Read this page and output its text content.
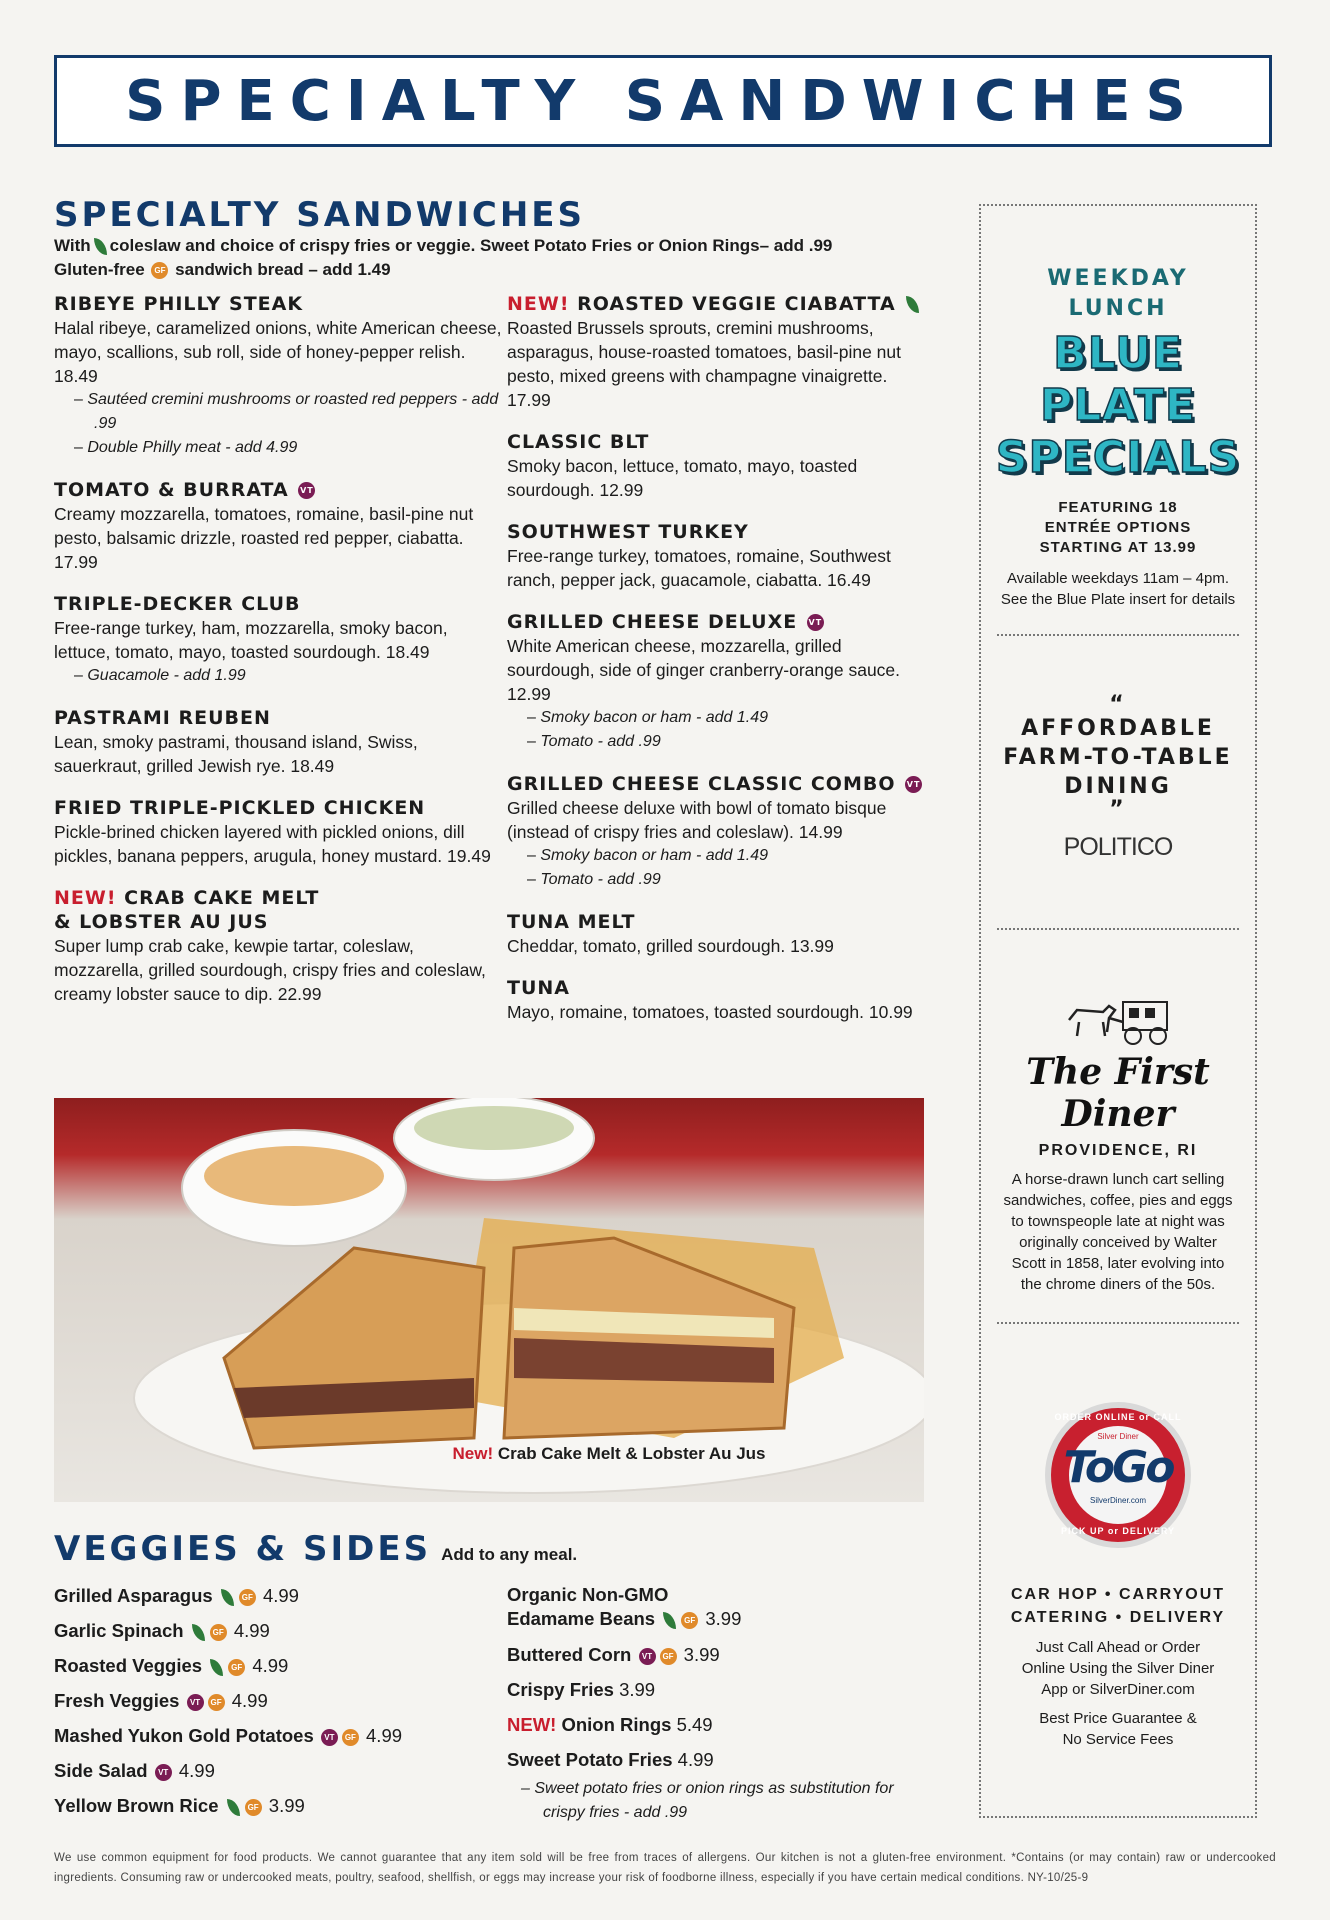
SPECIALTY SANDWICHES
SPECIALTY SANDWICHES
With coleslaw and choice of crispy fries or veggie. Sweet Potato Fries or Onion Rings– add .99
Gluten-free GF sandwich bread – add 1.49
RIBEYE PHILLY STEAK

Halal ribeye, caramelized onions, white American cheese, mayo, scallions, sub roll, side of honey-pepper relish. 18.49

– Sautéed cremini mushrooms or roasted red peppers - add .99
– Double Philly meat - add 4.99
TOMATO & BURRATA VT

Creamy mozzarella, tomatoes, romaine, basil-pine nut pesto, balsamic drizzle, roasted red pepper, ciabatta. 17.99

TRIPLE-DECKER CLUB

Free-range turkey, ham, mozzarella, smoky bacon, lettuce, tomato, mayo, toasted sourdough. 18.49

– Guacamole - add 1.99
PASTRAMI REUBEN

Lean, smoky pastrami, thousand island, Swiss, sauerkraut, grilled Jewish rye. 18.49

FRIED TRIPLE-PICKLED CHICKEN

Pickle-brined chicken layered with pickled onions, dill pickles, banana peppers, arugula, honey mustard. 19.49

NEW! CRAB CAKE MELT
& LOBSTER AU JUS

Super lump crab cake, kewpie tartar, coleslaw, mozzarella, grilled sourdough, crispy fries and coleslaw, creamy lobster sauce to dip. 22.99

NEW! ROASTED VEGGIE CIABATTA

Roasted Brussels sprouts, cremini mushrooms, asparagus, house-roasted tomatoes, basil-pine nut pesto, mixed greens with champagne vinaigrette. 17.99

CLASSIC BLT

Smoky bacon, lettuce, tomato, mayo, toasted sourdough. 12.99

SOUTHWEST TURKEY

Free-range turkey, tomatoes, romaine, Southwest ranch, pepper jack, guacamole, ciabatta. 16.49

GRILLED CHEESE DELUXE VT

White American cheese, mozzarella, grilled sourdough, side of ginger cranberry-orange sauce. 12.99

– Smoky bacon or ham - add 1.49
– Tomato - add .99
GRILLED CHEESE CLASSIC COMBO VT

Grilled cheese deluxe with bowl of tomato bisque (instead of crispy fries and coleslaw). 14.99

– Smoky bacon or ham - add 1.49
– Tomato - add .99
TUNA MELT

Cheddar, tomato, grilled sourdough. 13.99

TUNA

Mayo, romaine, tomatoes, toasted sourdough. 10.99

New! Crab Cake Melt & Lobster Au Jus
VEGGIES & SIDES Add to any meal.
Grilled Asparagus	GF 4.99
Garlic Spinach	GF 4.99
Roasted Veggies	GF 4.99
Fresh Veggies VT GF 4.99
Mashed Yukon Gold Potatoes VT GF 4.99
Side Salad VT 4.99
Yellow Brown Rice	GF 3.99
Organic Non-GMO
Edamame Beans	GF 3.99
Buttered Corn VT GF 3.99
Crispy Fries 3.99
NEW! Onion Rings 5.49
Sweet Potato Fries 4.99
– Sweet potato fries or onion rings as substitution for crispy fries - add .99
WEEKDAY
LUNCH
BLUE PLATE
SPECIALS
FEATURING 18
ENTRÉE OPTIONS
STARTING AT 13.99
Available weekdays 11am – 4pm.
See the Blue Plate insert for details
“
AFFORDABLE
FARM-TO-TABLE
DINING
”
POLITICO
The First Diner
PROVIDENCE, RI
A horse-drawn lunch cart selling sandwiches, coffee, pies and eggs to townspeople late at night was originally conceived by Walter Scott in 1858, later evolving into the chrome diners of the 50s.
ORDER ONLINE or CALL
Silver Diner
ToGo
SilverDiner.com
PICK UP or DELIVERY
CAR HOP • CARRYOUT
CATERING • DELIVERY
Just Call Ahead or Order
Online Using the Silver Diner
App or SilverDiner.com
Best Price Guarantee &
No Service Fees
We use common equipment for food products. We cannot guarantee that any item sold will be free from traces of allergens. Our kitchen is not a gluten-free environment. *Contains (or may contain) raw or undercooked ingredients. Consuming raw or undercooked meats, poultry, seafood, shellfish, or eggs may increase your risk of foodborne illness, especially if you have certain medical conditions. NY-10/25-9
